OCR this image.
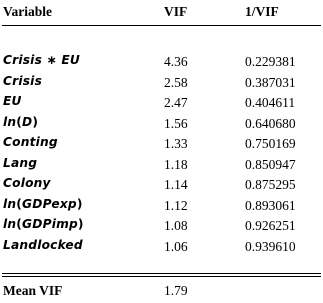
Variable	VIF	1/VIF
Crisis ∗ EU	4.36	0.229381
Crisis	2.58	0.387031
EU	2.47	0.404611
ln(D)	1.56	0.640680
Conting	1.33	0.750169
Lang	1.18	0.850947
Colony	1.14	0.875295
ln(GDPexp)	1.12	0.893061
ln(GDPimp)	1.08	0.926251
Landlocked	1.06	0.939610
Mean VIF	1.79
